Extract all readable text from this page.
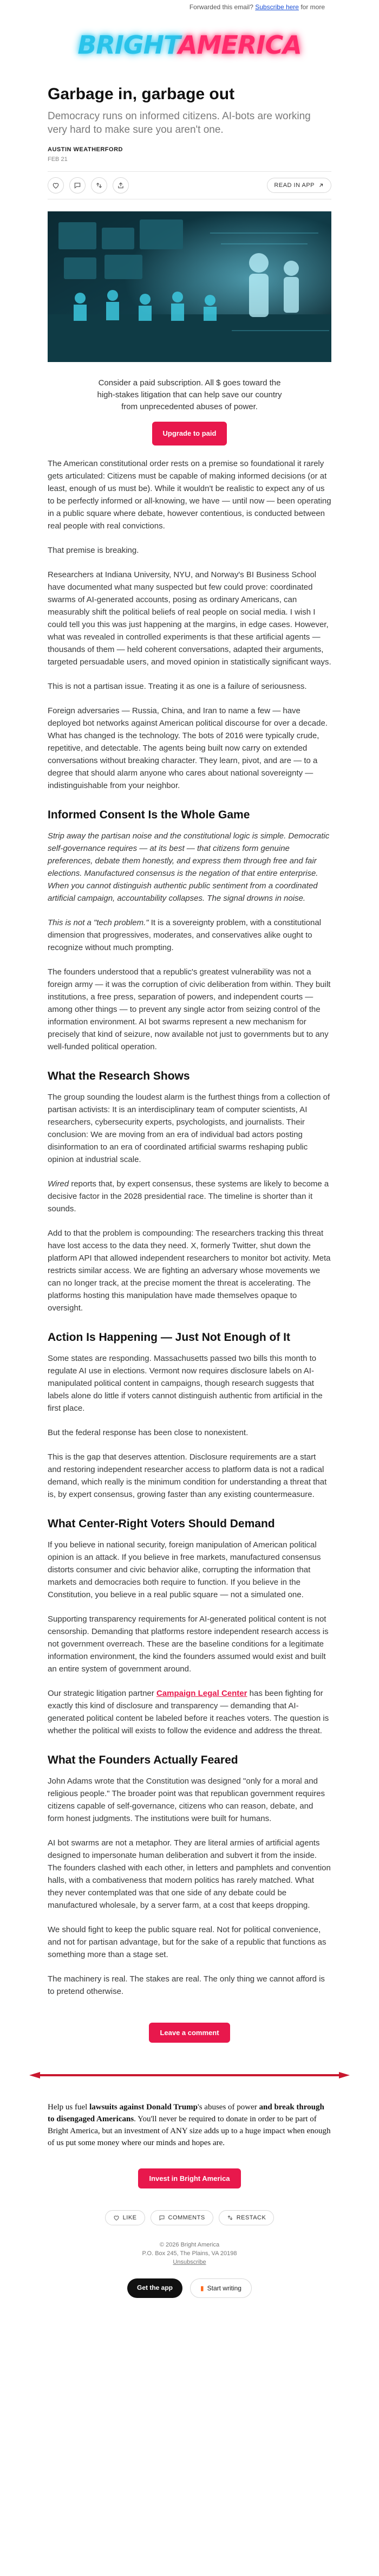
Forwarded this email? Subscribe here for more
BRIGHTAMERICA
Garbage in, garbage out
Democracy runs on informed citizens. AI-bots are working very hard to make sure you aren't one.
AUSTIN WEATHERFORD
FEB 21
READ IN APP
Consider a paid subscription. All $ goes toward the high-stakes litigation that can help save our country from unprecedented abuses of power.
Upgrade to paid

The American constitutional order rests on a premise so foundational it rarely gets articulated: Citizens must be capable of making informed decisions (or at least, enough of us must be). While it wouldn't be realistic to expect any of us to be perfectly informed or all-knowing, we have — until now — been operating in a public square where debate, however contentious, is conducted between real people with real convictions.

That premise is breaking.

Researchers at Indiana University, NYU, and Norway's BI Business School have documented what many suspected but few could prove: coordinated swarms of AI-generated accounts, posing as ordinary Americans, can measurably shift the political beliefs of real people on social media. I wish I could tell you this was just happening at the margins, in edge cases. However, what was revealed in controlled experiments is that these artificial agents — thousands of them — held coherent conversations, adapted their arguments, targeted persuadable users, and moved opinion in statistically significant ways.

This is not a partisan issue. Treating it as one is a failure of seriousness.

Foreign adversaries — Russia, China, and Iran to name a few — have deployed bot networks against American political discourse for over a decade. What has changed is the technology. The bots of 2016 were typically crude, repetitive, and detectable. The agents being built now carry on extended conversations without breaking character. They learn, pivot, and are — to a degree that should alarm anyone who cares about national sovereignty — indistinguishable from your neighbor.

Informed Consent Is the Whole Game

Strip away the partisan noise and the constitutional logic is simple. Democratic self-governance requires — at its best — that citizens form genuine preferences, debate them honestly, and express them through free and fair elections. Manufactured consensus is the negation of that entire enterprise. When you cannot distinguish authentic public sentiment from a coordinated artificial campaign, accountability collapses. The signal drowns in noise.

This is not a "tech problem." It is a sovereignty problem, with a constitutional dimension that progressives, moderates, and conservatives alike ought to recognize without much prompting.

The founders understood that a republic's greatest vulnerability was not a foreign army — it was the corruption of civic deliberation from within. They built institutions, a free press, separation of powers, and independent courts — among other things — to prevent any single actor from seizing control of the information environment. AI bot swarms represent a new mechanism for precisely that kind of seizure, now available not just to governments but to any well-funded political operation.

What the Research Shows

The group sounding the loudest alarm is the furthest things from a collection of partisan activists: It is an interdisciplinary team of computer scientists, AI researchers, cybersecurity experts, psychologists, and journalists. Their conclusion: We are moving from an era of individual bad actors posting disinformation to an era of coordinated artificial swarms reshaping public opinion at industrial scale.

Wired reports that, by expert consensus, these systems are likely to become a decisive factor in the 2028 presidential race. The timeline is shorter than it sounds.

Add to that the problem is compounding: The researchers tracking this threat have lost access to the data they need. X, formerly Twitter, shut down the platform API that allowed independent researchers to monitor bot activity. Meta restricts similar access. We are fighting an adversary whose movements we can no longer track, at the precise moment the threat is accelerating. The platforms hosting this manipulation have made themselves opaque to oversight.

Action Is Happening — Just Not Enough of It

Some states are responding. Massachusetts passed two bills this month to regulate AI use in elections. Vermont now requires disclosure labels on AI-manipulated political content in campaigns, though research suggests that labels alone do little if voters cannot distinguish authentic from artificial in the first place.

But the federal response has been close to nonexistent.

This is the gap that deserves attention. Disclosure requirements are a start and restoring independent researcher access to platform data is not a radical demand, which really is the minimum condition for understanding a threat that is, by expert consensus, growing faster than any existing countermeasure.

What Center-Right Voters Should Demand

If you believe in national security, foreign manipulation of American political opinion is an attack. If you believe in free markets, manufactured consensus distorts consumer and civic behavior alike, corrupting the information that markets and democracies both require to function. If you believe in the Constitution, you believe in a real public square — not a simulated one.

Supporting transparency requirements for AI-generated political content is not censorship. Demanding that platforms restore independent research access is not government overreach. These are the baseline conditions for a legitimate information environment, the kind the founders assumed would exist and built an entire system of government around.

Our strategic litigation partner Campaign Legal Center has been fighting for exactly this kind of disclosure and transparency — demanding that AI-generated political content be labeled before it reaches voters. The question is whether the political will exists to follow the evidence and address the threat.

What the Founders Actually Feared

John Adams wrote that the Constitution was designed "only for a moral and religious people." The broader point was that republican government requires citizens capable of self-governance, citizens who can reason, debate, and form honest judgments. The institutions were built for humans.

AI bot swarms are not a metaphor. They are literal armies of artificial agents designed to impersonate human deliberation and subvert it from the inside. The founders clashed with each other, in letters and pamphlets and convention halls, with a combativeness that modern politics has rarely matched. What they never contemplated was that one side of any debate could be manufactured wholesale, by a server farm, at a cost that keeps dropping.

We should fight to keep the public square real. Not for political convenience, and not for partisan advantage, but for the sake of a republic that functions as something more than a stage set.

The machinery is real. The stakes are real. The only thing we cannot afford is to pretend otherwise.

Leave a comment

Help us fuel lawsuits against Donald Trump's abuses of power and break through to disengaged Americans. You'll never be required to donate in order to be part of Bright America, but an investment of ANY size adds up to a huge impact when enough of us put some money where our minds and hopes are.

Invest in Bright America
LIKE	COMMENTS	RESTACK
© 2026 Bright America
P.O. Box 245, The Plains, VA 20198
Unsubscribe
Get the app	▮ Start writing
